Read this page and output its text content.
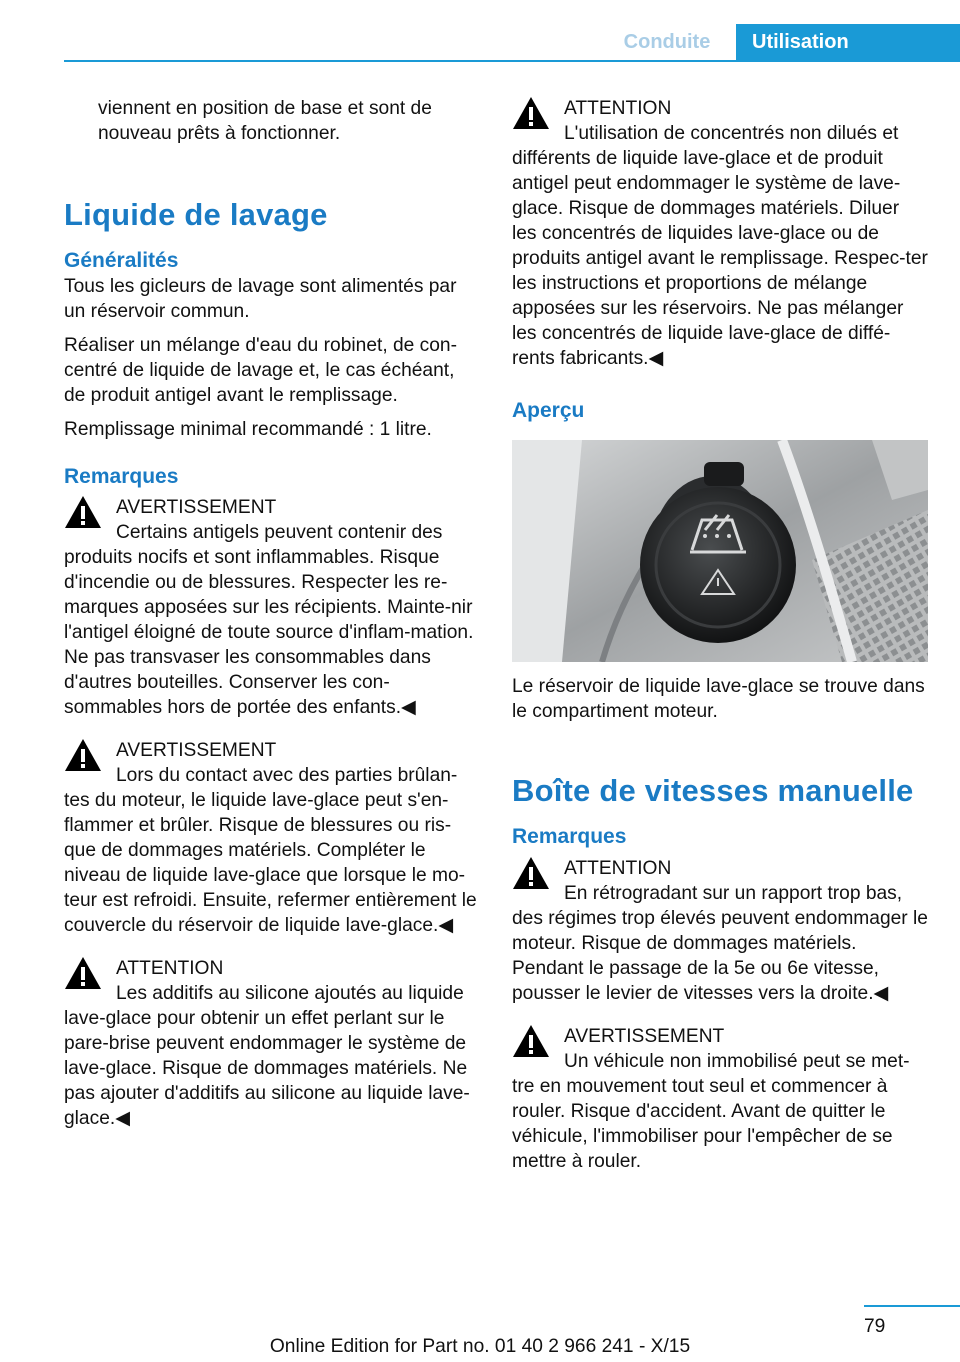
Conduite	Utilisation

viennent en position de base et sont de

nouveau prêts à fonctionner.

Liquide de lavage
Généralités

Tous les gicleurs de lavage sont alimentés par un réservoir commun.

Réaliser un mélange d'eau du robinet, de con-centré de liquide de lavage et, le cas échéant, de produit antigel avant le remplissage.

Remplissage minimal recommandé : 1 litre.

Remarques
AVERTISSEMENT

Certains antigels peuvent contenir des produits nocifs et sont inflammables. Risque d'incendie ou de blessures. Respecter les re-marques apposées sur les récipients. Mainte-nir l'antigel éloigné de toute source d'inflam-mation. Ne pas transvaser les consommables dans d'autres bouteilles. Conserver les con-sommables hors de portée des enfants.◀

AVERTISSEMENT

Lors du contact avec des parties brûlan-tes du moteur, le liquide lave-glace peut s'en-flammer et brûler. Risque de blessures ou ris-que de dommages matériels. Compléter le niveau de liquide lave-glace que lorsque le mo-teur est refroidi. Ensuite, refermer entièrement le couvercle du réservoir de liquide lave-glace.◀

ATTENTION

Les additifs au silicone ajoutés au liquide lave-glace pour obtenir un effet perlant sur le pare-brise peuvent endommager le système de lave-glace. Risque de dommages matériels. Ne pas ajouter d'additifs au silicone au liquide lave-glace.◀

ATTENTION

L'utilisation de concentrés non dilués et différents de liquide lave-glace et de produit antigel peut endommager le système de lave-glace. Risque de dommages matériels. Diluer les concentrés de liquides lave-glace ou de produits antigel avant le remplissage. Respec-ter les instructions et proportions de mélange apposées sur les réservoirs. Ne pas mélanger les concentrés de liquide lave-glace de diffé-rents fabricants.◀

Aperçu

Le réservoir de liquide lave-glace se trouve dans le compartiment moteur.

Boîte de vitesses manuelle
Remarques
ATTENTION

En rétrogradant sur un rapport trop bas, des régimes trop élevés peuvent endommager le moteur. Risque de dommages matériels. Pendant le passage de la 5e ou 6e vitesse, pousser le levier de vitesses vers la droite.◀

AVERTISSEMENT

Un véhicule non immobilisé peut se met-tre en mouvement tout seul et commencer à rouler. Risque d'accident. Avant de quitter le véhicule, l'immobiliser pour l'empêcher de se mettre à rouler.

79
Online Edition for Part no. 01 40 2 966 241 - X/15
